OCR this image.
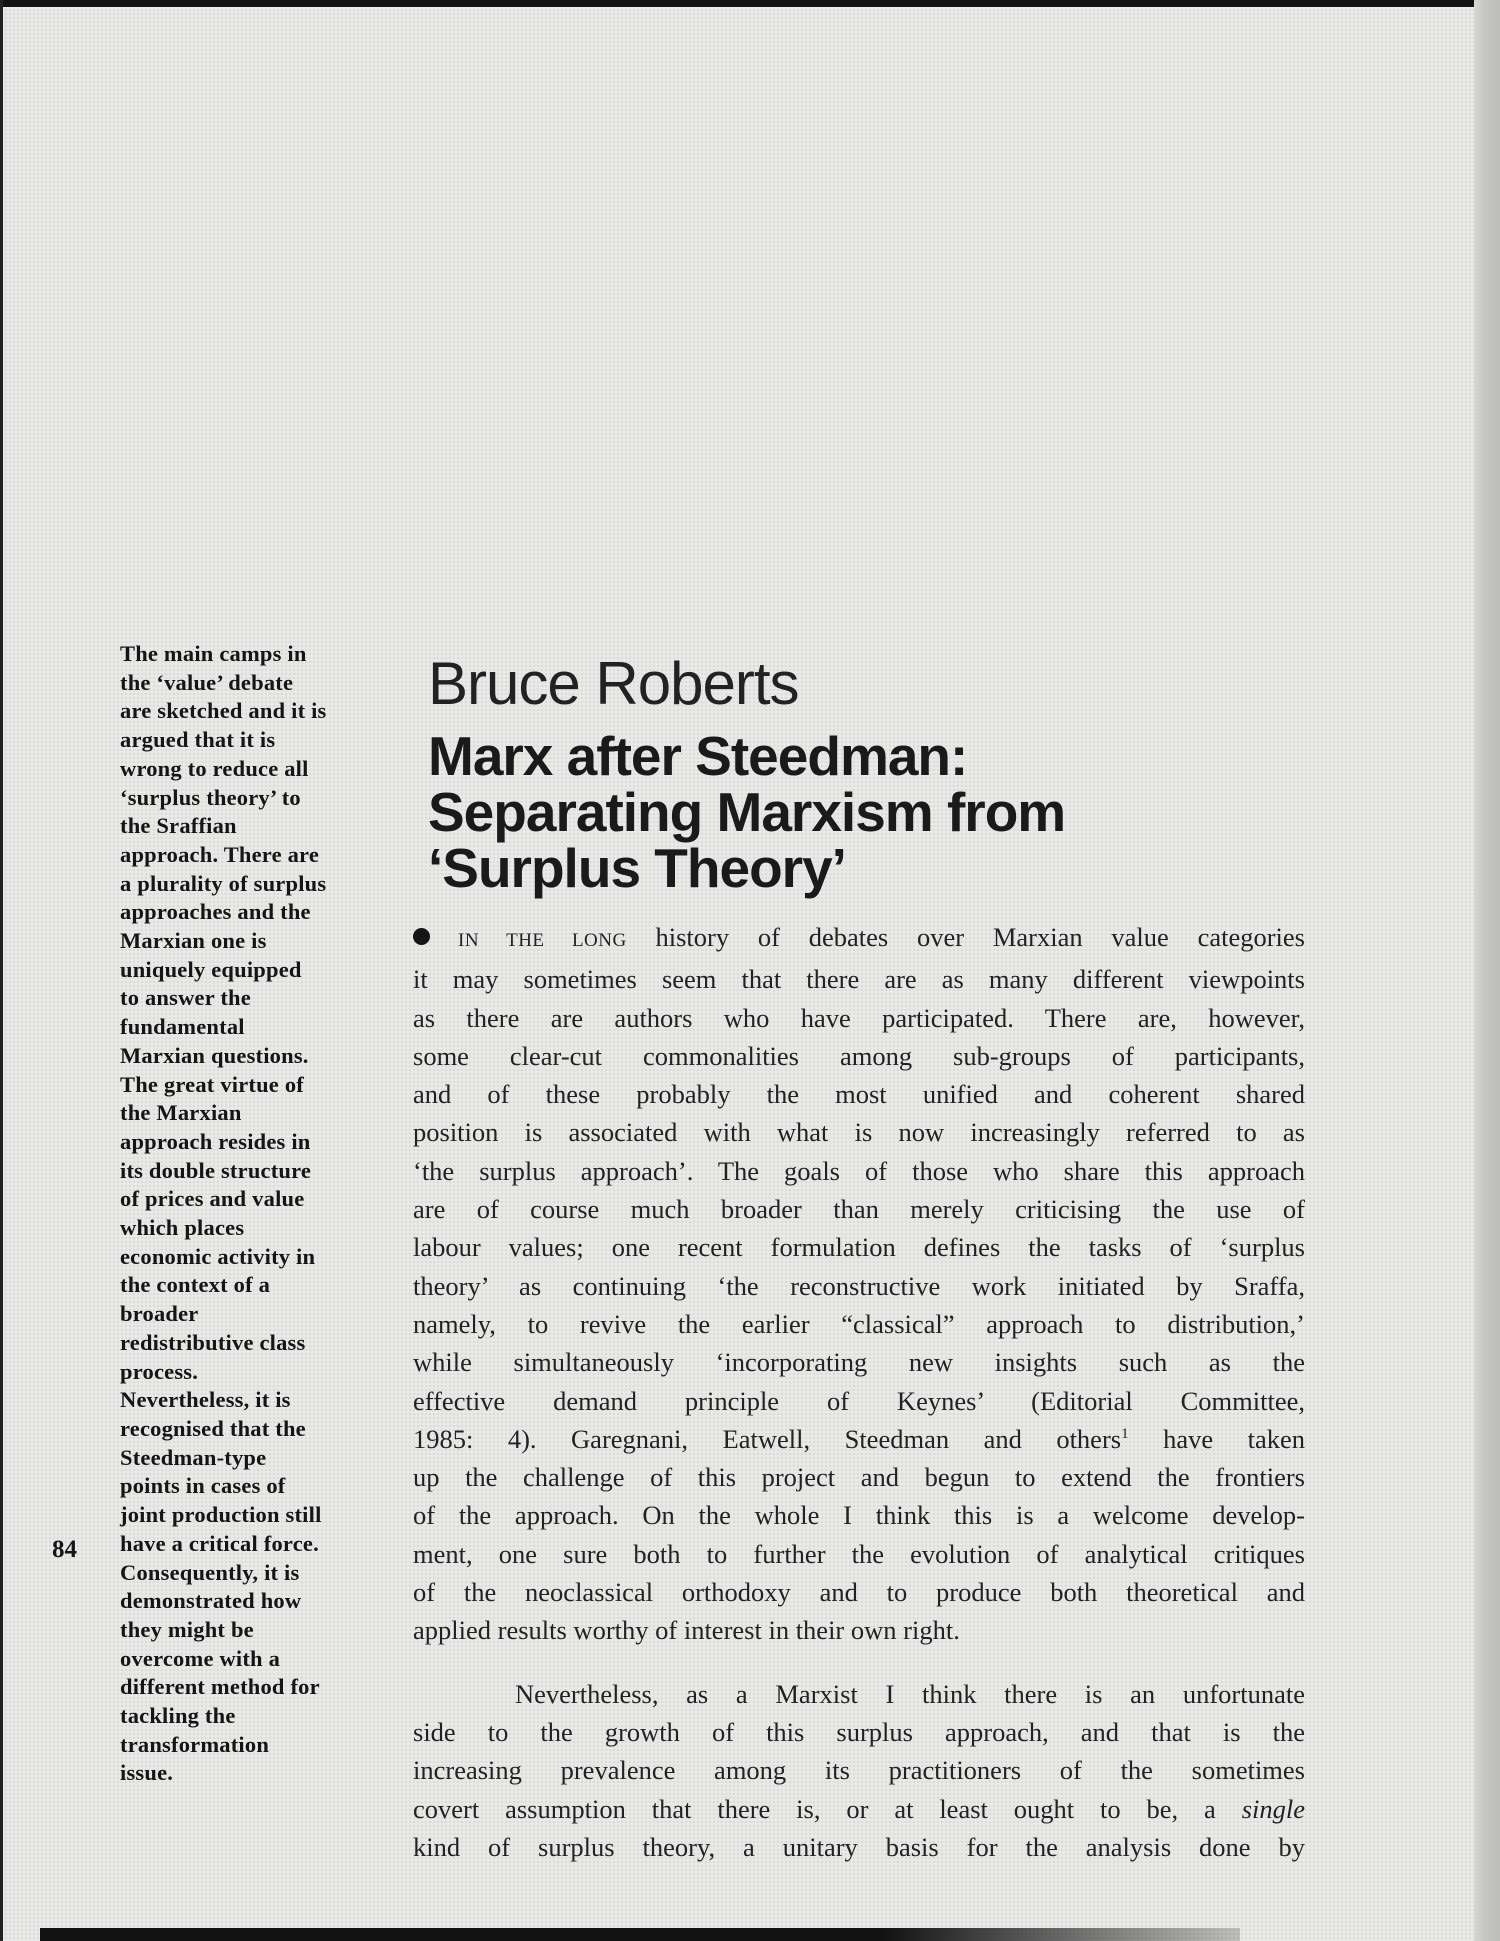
The main camps in
the ‘value’ debate
are sketched and it is
argued that it is
wrong to reduce all
‘surplus theory’ to
the Sraffian
approach. There are
a plurality of surplus
approaches and the
Marxian one is
uniquely equipped
to answer the
fundamental
Marxian questions.
The great virtue of
the Marxian
approach resides in
its double structure
of prices and value
which places
economic activity in
the context of a
broader
redistributive class
process.
Nevertheless, it is
recognised that the
Steedman-type
points in cases of
joint production still
have a critical force.
Consequently, it is
demonstrated how
they might be
overcome with a
different method for
tackling the
transformation
issue.
84
Bruce Roberts
Marx after Steedman:
Separating Marxism from
‘Surplus Theory’
IN THE LONG history of debates over Marxian value categories
it may sometimes seem that there are as many different viewpoints
as there are authors who have participated. There are, however,
some clear-cut commonalities among sub-groups of participants,
and of these probably the most unified and coherent shared
position is associated with what is now increasingly referred to as
‘the surplus approach’. The goals of those who share this approach
are of course much broader than merely criticising the use of
labour values; one recent formulation defines the tasks of ‘surplus
theory’ as continuing ‘the reconstructive work initiated by Sraffa,
namely, to revive the earlier “classical” approach to distribution,’
while simultaneously ‘incorporating new insights such as the
effective demand principle of Keynes’ (Editorial Committee,
1985: 4). Garegnani, Eatwell, Steedman and others$^1$ have taken
up the challenge of this project and begun to extend the frontiers
of the approach. On the whole I think this is a welcome develop-
ment, one sure both to further the evolution of analytical critiques
of the neoclassical orthodoxy and to produce both theoretical and
applied results worthy of interest in their own right.
Nevertheless, as a Marxist I think there is an unfortunate
side to the growth of this surplus approach, and that is the
increasing prevalence among its practitioners of the sometimes
covert assumption that there is, or at least ought to be, a single
kind of surplus theory, a unitary basis for the analysis done by
